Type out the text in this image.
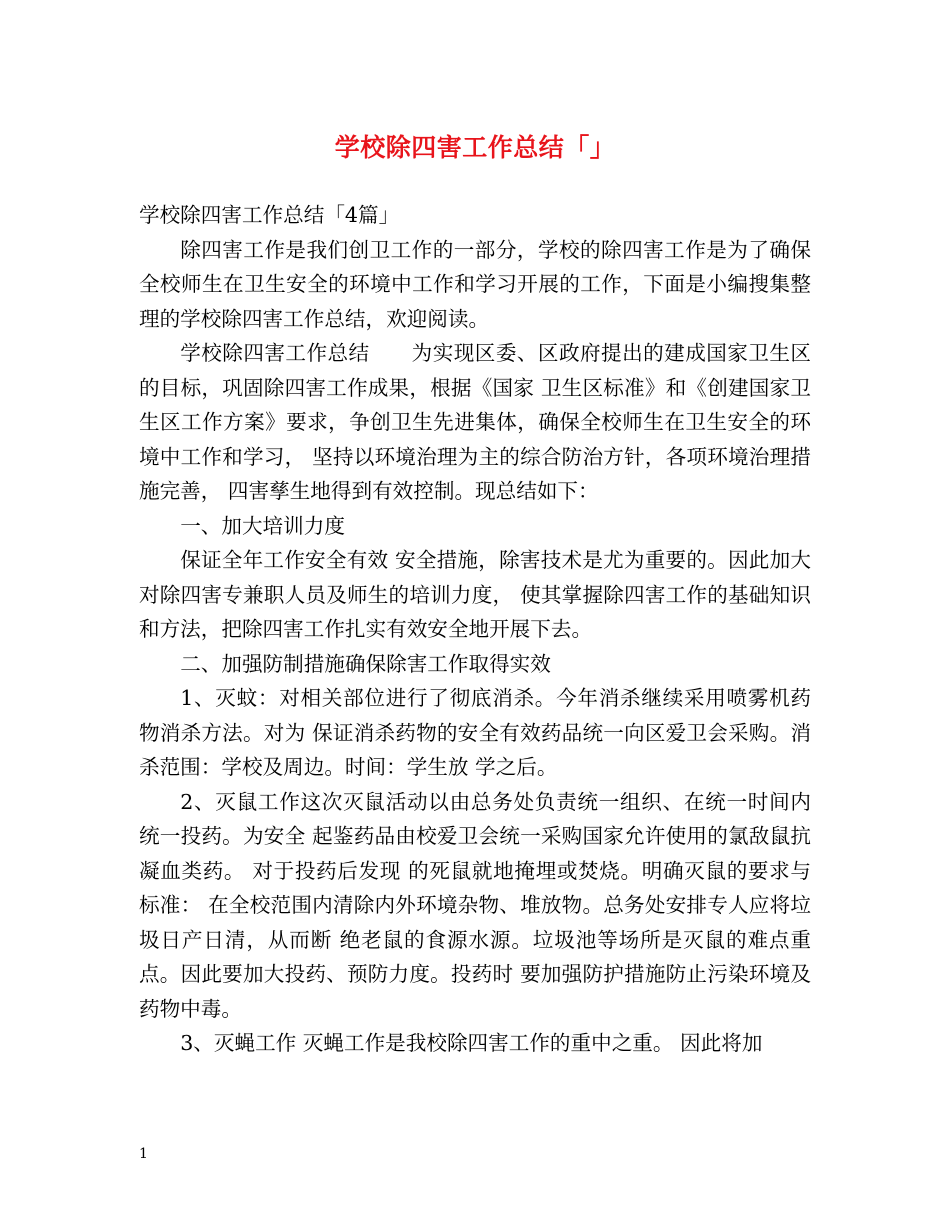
学校除四害工作总结「」

学校除四害工作总结「4篇」

除四害工作是我们创卫工作的一部分，学校的除四害工作是为了确保全校师生在卫生安全的环境中工作和学习开展的工作，下面是小编搜集整理的学校除四害工作总结，欢迎阅读。

学校除四害工作总结　　为实现区委、区政府提出的建成国家卫生区的目标，巩固除四害工作成果，根据《国家 卫生区标准》和《创建国家卫生区工作方案》要求，争创卫生先进集体，确保全校师生在卫生安全的环境中工作和学习， 坚持以环境治理为主的综合防治方针，各项环境治理措施完善， 四害孳生地得到有效控制。现总结如下：

一、加大培训力度

保证全年工作安全有效 安全措施，除害技术是尤为重要的。因此加大对除四害专兼职人员及师生的培训力度， 使其掌握除四害工作的基础知识和方法，把除四害工作扎实有效安全地开展下去。

二、加强防制措施确保除害工作取得实效

1、灭蚊：对相关部位进行了彻底消杀。今年消杀继续采用喷雾机药物消杀方法。对为 保证消杀药物的安全有效药品统一向区爱卫会采购。消杀范围：学校及周边。时间：学生放 学之后。

2、灭鼠工作这次灭鼠活动以由总务处负责统一组织、在统一时间内统一投药。为安全 起鉴药品由校爱卫会统一采购国家允许使用的氯敌鼠抗凝血类药。 对于投药后发现 的死鼠就地掩埋或焚烧。明确灭鼠的要求与标准： 在全校范围内清除内外环境杂物、堆放物。总务处安排专人应将垃圾日产日清，从而断 绝老鼠的食源水源。垃圾池等场所是灭鼠的难点重点。因此要加大投药、预防力度。投药时 要加强防护措施防止污染环境及药物中毒。

3、灭蝇工作 灭蝇工作是我校除四害工作的重中之重。 因此将加

1
